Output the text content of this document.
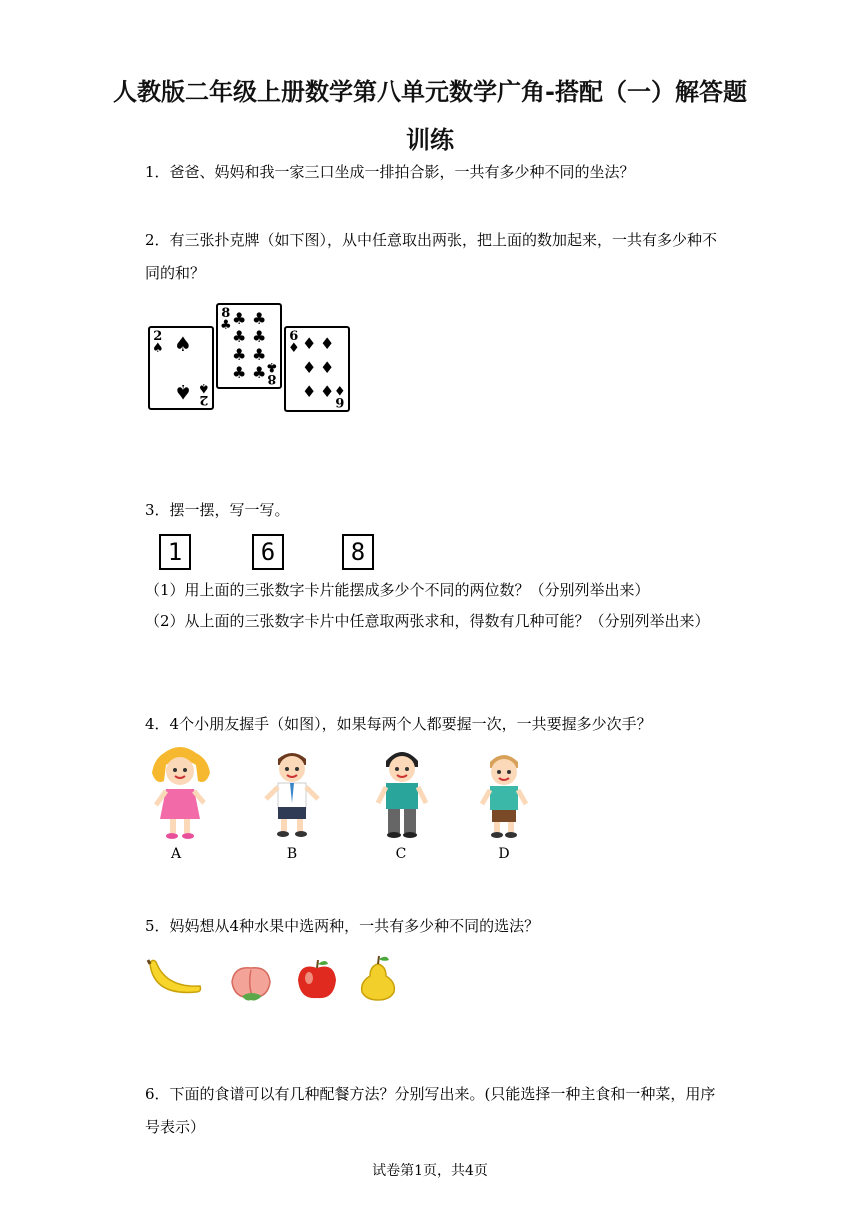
人教版二年级上册数学第八单元数学广角-搭配（一）解答题
训练
1．爸爸、妈妈和我一家三口坐成一排拍合影，一共有多少种不同的坐法？
2．有三张扑克牌（如下图），从中任意取出两张，把上面的数加起来，一共有多少种不
同的和？
2
♠ ♠
♠ 2
♠
8
♣ ♣ ♣
♣ ♣
♣ ♣
♣ ♣ 8
♣
6
♦ ♦ ♦
♦ ♦
♦ ♦
6
♦
3．摆一摆，写一写。
1	6	8
（1）用上面的三张数字卡片能摆成多少个不同的两位数？（分别列举出来）
（2）从上面的三张数字卡片中任意取两张求和，得数有几种可能？（分别列举出来）
4．4个小朋友握手（如图），如果每两个人都要握一次，一共要握多少次手？
A	B	C	D
5．妈妈想从4种水果中选两种，一共有多少种不同的选法？
6．下面的食谱可以有几种配餐方法？分别写出来。(只能选择一种主食和一种菜，用序
号表示）
试卷第1页，共4页
